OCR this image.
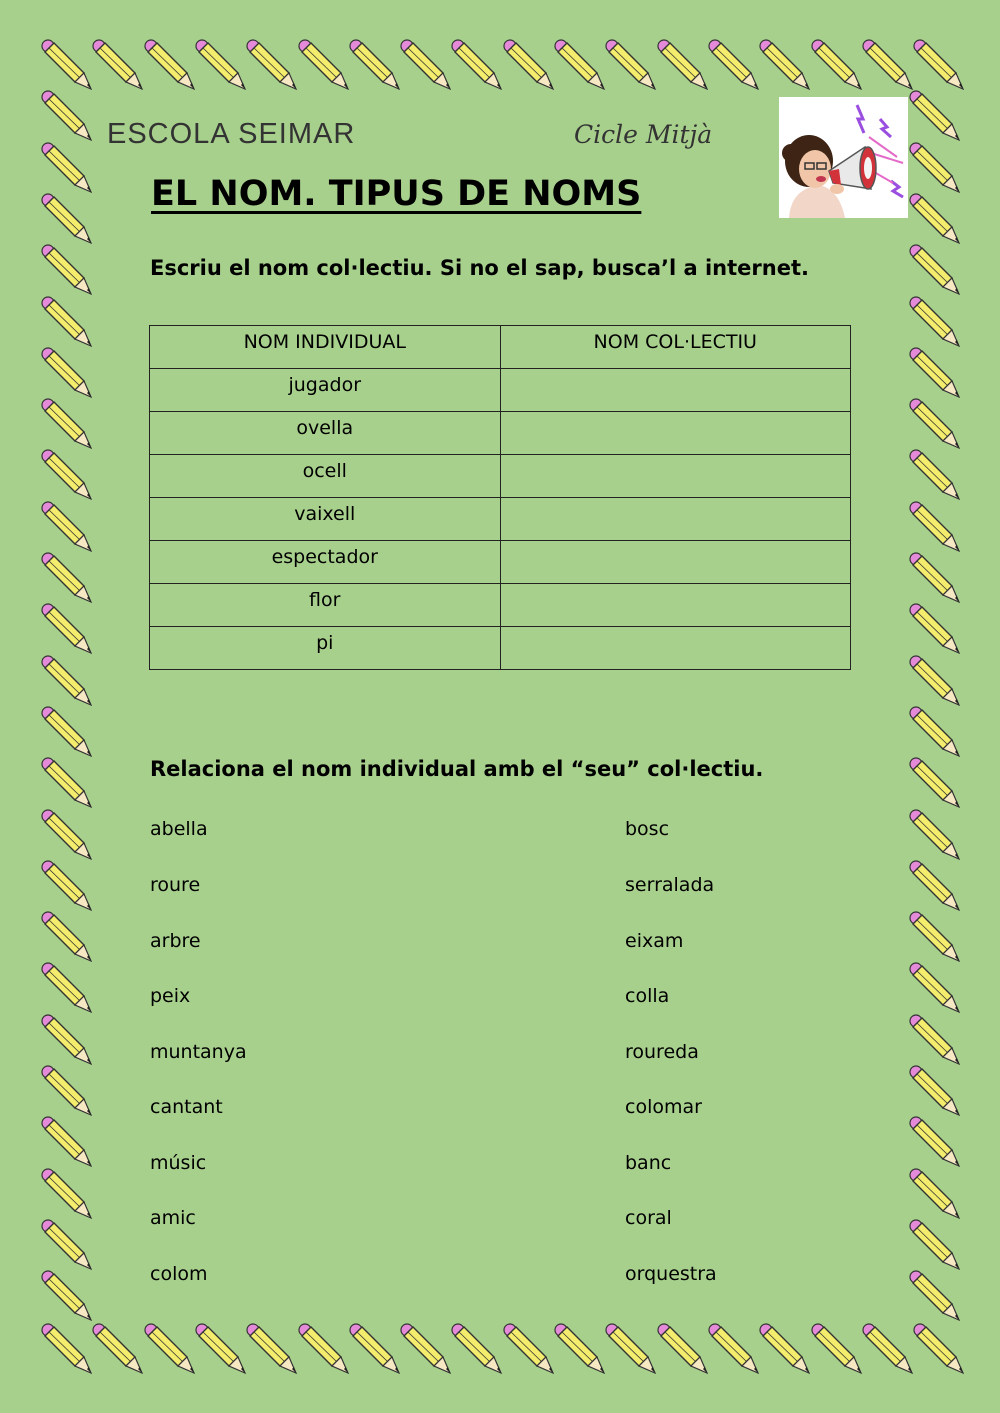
ESCOLA SEIMAR	Cicle Mitjà
EL NOM. TIPUS DE NOMS
Escriu el nom col·lectiu. Si no el sap, busca’l a internet.
NOM INDIVIDUAL	NOM COL·LECTIU
jugador	
ovella	
ocell	
vaixell	
espectador	
flor	
pi	
Relaciona el nom individual amb el “seu” col·lectiu.
abella
roure
arbre
peix
muntanya
cantant
músic
amic
colom
bosc
serralada
eixam
colla
roureda
colomar
banc
coral
orquestra
